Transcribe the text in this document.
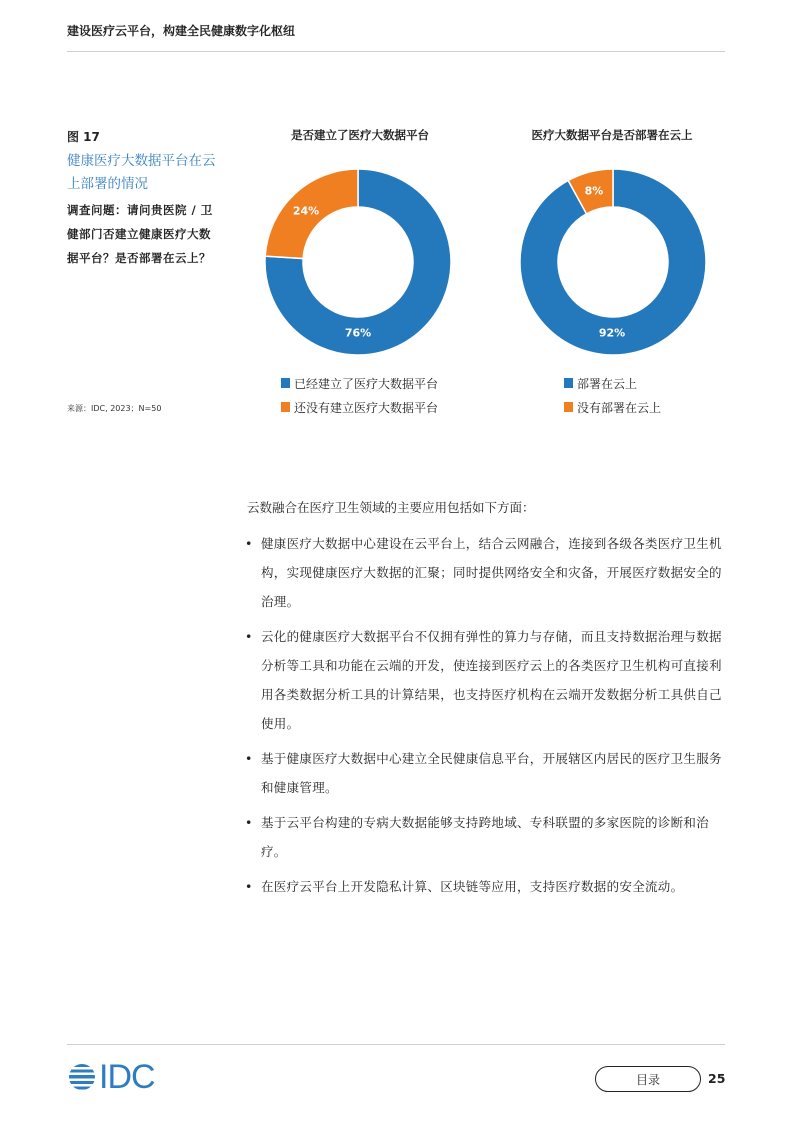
建设医疗云平台，构建全民健康数字化枢纽
图 17
健康医疗大数据平台在云上部署的情况
调查问题：请问贵医院 / 卫健部门否建立健康医疗大数据平台？是否部署在云上？
来源：IDC, 2023；N=50
是否建立了医疗大数据平台
24%
76%
已经建立了医疗大数据平台
还没有建立医疗大数据平台
医疗大数据平台是否部署在云上
8%
92%
部署在云上
没有部署在云上

云数融合在医疗卫生领域的主要应用包括如下方面：

• 健康医疗大数据中心建设在云平台上，结合云网融合，连接到各级各类医疗卫生机构，实现健康医疗大数据的汇聚；同时提供网络安全和灾备，开展医疗数据安全的治理。
• 云化的健康医疗大数据平台不仅拥有弹性的算力与存储，而且支持数据治理与数据分析等工具和功能在云端的开发，使连接到医疗云上的各类医疗卫生机构可直接利用各类数据分析工具的计算结果，也支持医疗机构在云端开发数据分析工具供自己使用。
• 基于健康医疗大数据中心建立全民健康信息平台，开展辖区内居民的医疗卫生服务和健康管理。
• 基于云平台构建的专病大数据能够支持跨地域、专科联盟的多家医院的诊断和治疗。
• 在医疗云平台上开发隐私计算、区块链等应用，支持医疗数据的安全流动。
IDC	目录	25
